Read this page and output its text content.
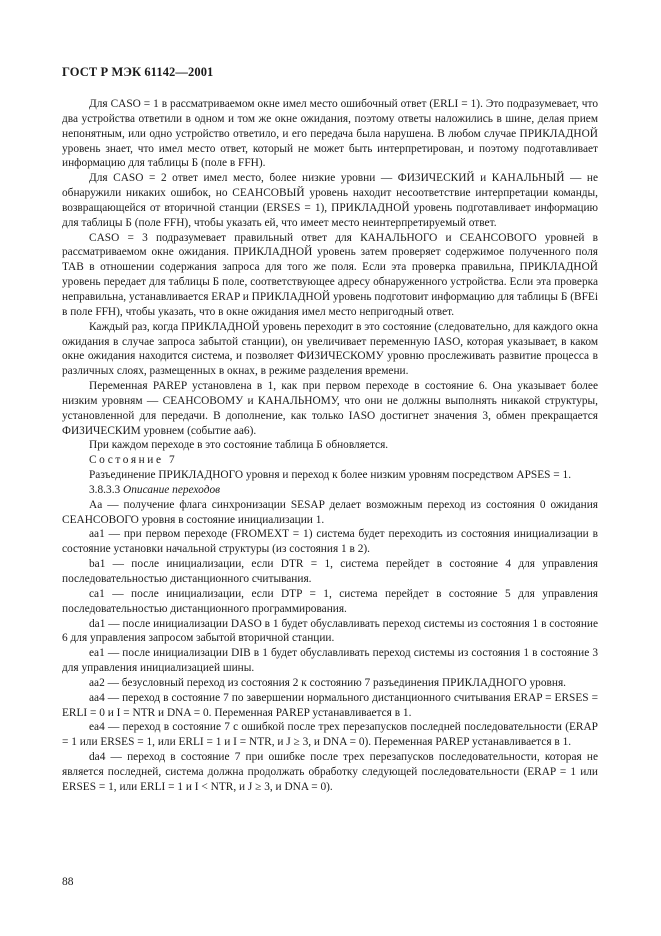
ГОСТ Р МЭК 61142—2001

Для CASO = 1 в рассматриваемом окне имел место ошибочный ответ (ERLI = 1). Это подразумевает, что два устройства ответили в одном и том же окне ожидания, поэтому ответы наложились в шине, делая прием непонятным, или одно устройство ответило, и его передача была нарушена. В любом случае ПРИКЛАДНОЙ уровень знает, что имел место ответ, который не может быть интерпретирован, и поэтому подготавливает информацию для таблицы Б (поле в FFH).

Для CASO = 2 ответ имел место, более низкие уровни — ФИЗИЧЕСКИЙ и КАНАЛЬНЫЙ — не обнаружили никаких ошибок, но СЕАНСОВЫЙ уровень находит несоответствие интерпретации команды, возвращающейся от вторичной станции (ERSES = 1), ПРИКЛАДНОЙ уровень подготавливает информацию для таблицы Б (поле FFH), чтобы указать ей, что имеет место неинтерпретируемый ответ.

CASO = 3 подразумевает правильный ответ для КАНАЛЬНОГО и СЕАНСОВОГО уровней в рассматриваемом окне ожидания. ПРИКЛАДНОЙ уровень затем проверяет содержимое полученного поля TAB в отношении содержания запроса для того же поля. Если эта проверка правильна, ПРИКЛАДНОЙ уровень передает для таблицы Б поле, соответствующее адресу обнаруженного устройства. Если эта проверка неправильна, устанавливается ERAP и ПРИКЛАДНОЙ уровень подготовит информацию для таблицы Б (BFEi в поле FFH), чтобы указать, что в окне ожидания имел место непригодный ответ.

Каждый раз, когда ПРИКЛАДНОЙ уровень переходит в это состояние (следовательно, для каждого окна ожидания в случае запроса забытой станции), он увеличивает переменную IASO, которая указывает, в каком окне ожидания находится система, и позволяет ФИЗИЧЕСКОМУ уровню прослеживать развитие процесса в различных слоях, размещенных в окнах, в режиме разделения времени.

Переменная PAREP установлена в 1, как при первом переходе в состояние 6. Она указывает более низким уровням — СЕАНСОВОМУ и КАНАЛЬНОМУ, что они не должны выполнять никакой структуры, установленной для передачи. В дополнение, как только IASO достигнет значения 3, обмен прекращается ФИЗИЧЕСКИМ уровнем (событие aa6).

При каждом переходе в это состояние таблица Б обновляется.

Состояние 7

Разъединение ПРИКЛАДНОГО уровня и переход к более низким уровням посредством APSES = 1.

3.8.3.3 Описание переходов

Aa — получение флага синхронизации SESAP делает возможным переход из состояния 0 ожидания СЕАНСОВОГО уровня в состояние инициализации 1.

aa1 — при первом переходе (FROMEXT = 1) система будет переходить из состояния инициализации в состояние установки начальной структуры (из состояния 1 в 2).

ba1 — после инициализации, если DTR = 1, система перейдет в состояние 4 для управления последовательностью дистанционного считывания.

ca1 — после инициализации, если DTP = 1, система перейдет в состояние 5 для управления последовательностью дистанционного программирования.

da1 — после инициализации DASO в 1 будет обуславливать переход системы из состояния 1 в состояние 6 для управления запросом забытой вторичной станции.

ea1 — после инициализации DIB в 1 будет обуславливать переход системы из состояния 1 в состояние 3 для управления инициализацией шины.

aa2 — безусловный переход из состояния 2 к состоянию 7 разъединения ПРИКЛАДНОГО уровня.

aa4 — переход в состояние 7 по завершении нормального дистанционного считывания ERAP = ERSES = ERLI = 0 и I = NTR и DNA = 0. Переменная PAREP устанавливается в 1.

ea4 — переход в состояние 7 с ошибкой после трех перезапусков последней последовательности (ERAP = 1 или ERSES = 1, или ERLI = 1 и I = NTR, и J ≥ 3, и DNA = 0). Переменная PAREP устанавливается в 1.

da4 — переход в состояние 7 при ошибке после трех перезапусков последовательности, которая не является последней, система должна продолжать обработку следующей последовательности (ERAP = 1 или ERSES = 1, или ERLI = 1 и I < NTR, и J ≥ 3, и DNA = 0).

88
